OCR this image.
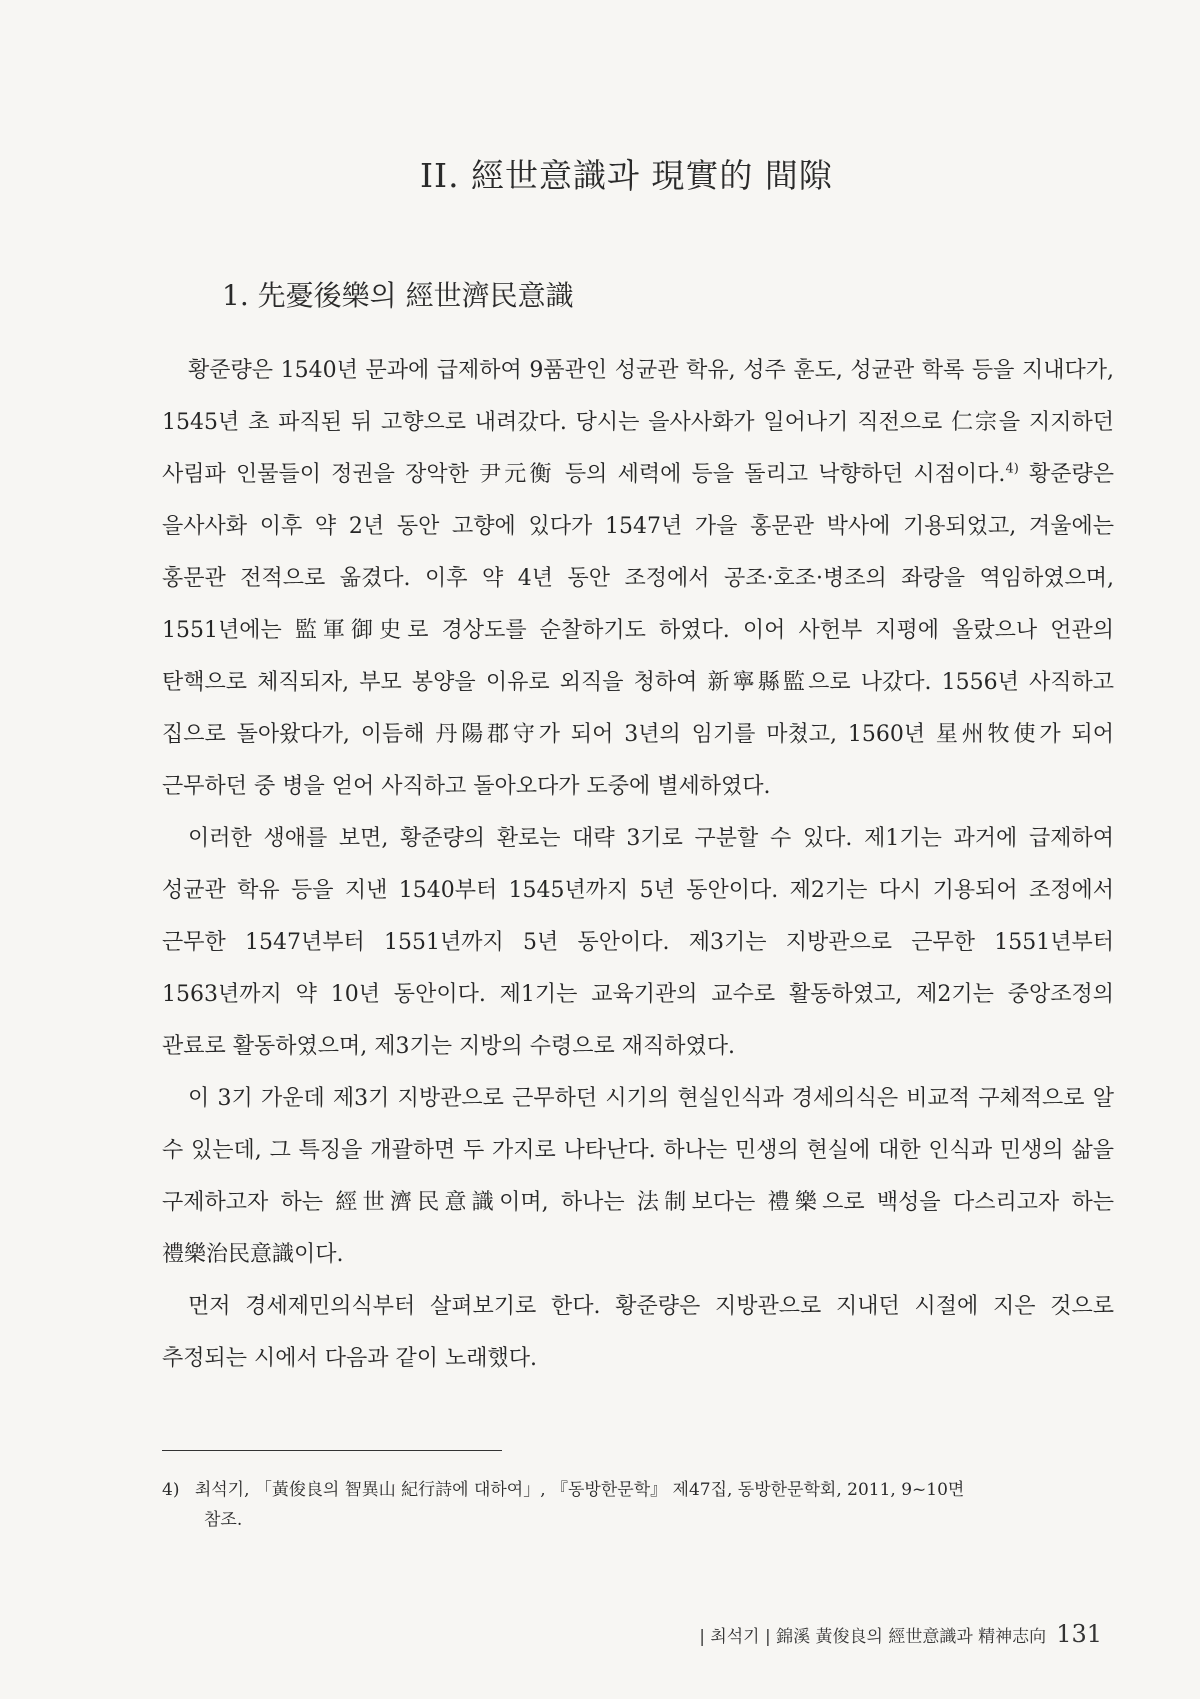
II. 經世意識과 現實的 間隙
1. 先憂後樂의 經世濟民意識

황준량은 1540년 문과에 급제하여 9품관인 성균관 학유, 성주 훈도, 성균관 학록 등을 지내다가, 1545년 초 파직된 뒤 고향으로 내려갔다. 당시는 을사사화가 일어나기 직전으로 仁宗을 지지하던 사림파 인물들이 정권을 장악한 尹元衡 등의 세력에 등을 돌리고 낙향하던 시점이다.$^{4)}$ 황준량은 을사사화 이후 약 2년 동안 고향에 있다가 1547년 가을 홍문관 박사에 기용되었고, 겨울에는 홍문관 전적으로 옮겼다. 이후 약 4년 동안 조정에서 공조·호조·병조의 좌랑을 역임하였으며, 1551년에는 監軍御史로 경상도를 순찰하기도 하였다. 이어 사헌부 지평에 올랐으나 언관의 탄핵으로 체직되자, 부모 봉양을 이유로 외직을 청하여 新寧縣監으로 나갔다. 1556년 사직하고 집으로 돌아왔다가, 이듬해 丹陽郡守가 되어 3년의 임기를 마쳤고, 1560년 星州牧使가 되어 근무하던 중 병을 얻어 사직하고 돌아오다가 도중에 별세하였다.

이러한 생애를 보면, 황준량의 환로는 대략 3기로 구분할 수 있다. 제1기는 과거에 급제하여 성균관 학유 등을 지낸 1540부터 1545년까지 5년 동안이다. 제2기는 다시 기용되어 조정에서 근무한 1547년부터 1551년까지 5년 동안이다. 제3기는 지방관으로 근무한 1551년부터 1563년까지 약 10년 동안이다. 제1기는 교육기관의 교수로 활동하였고, 제2기는 중앙조정의 관료로 활동하였으며, 제3기는 지방의 수령으로 재직하였다.

이 3기 가운데 제3기 지방관으로 근무하던 시기의 현실인식과 경세의식은 비교적 구체적으로 알 수 있는데, 그 특징을 개괄하면 두 가지로 나타난다. 하나는 민생의 현실에 대한 인식과 민생의 삶을 구제하고자 하는 經世濟民意識이며, 하나는 法制보다는 禮樂으로 백성을 다스리고자 하는 禮樂治民意識이다.

먼저 경세제민의식부터 살펴보기로 한다. 황준량은 지방관으로 지내던 시절에 지은 것으로 추정되는 시에서 다음과 같이 노래했다.

4) 최석기, 「黃俊良의 智異山 紀行詩에 대하여」, 『동방한문학』 제47집, 동방한문학회, 2011, 9~10면
참조.
| 최석기 | 錦溪 黃俊良의 經世意識과 精神志向 131
